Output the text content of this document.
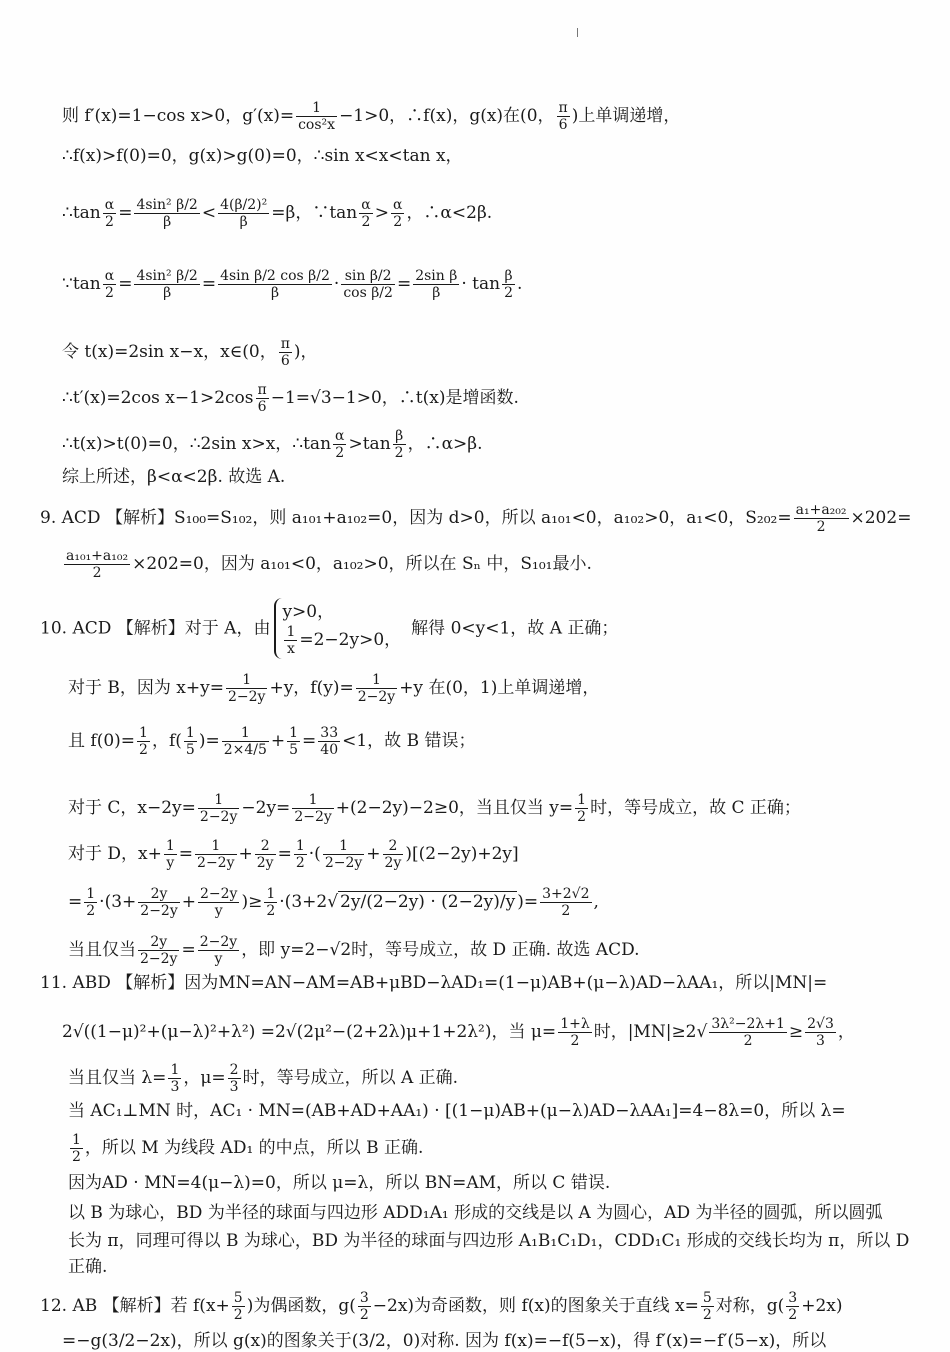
则 f′(x)=1−cos x>0，$g'(x)= \frac{1}{\text{cos²x}} -1>0$，∴f(x)，g(x)在(0， $\frac{\pi}{6}$ )上单调递增，
∴f(x)>f(0)=0，g(x)>g(0)=0，∴sin x<x<tan x，
∴tan $\frac{\alpha}{2} = \frac{\text{4sin² β/2}}{\beta} < \frac{\text{4(β/2)²}}{\beta} =\beta$，∵tan $\frac{\alpha}{2} > \frac{\alpha}{2}$ ，∴α<2β.
∵tan $\frac{\alpha}{2} = \frac{\text{4sin² β/2}}{\beta} = \frac{\text{4sin β/2 cos β/2}}{\beta} \cdot \frac{\text{sin β/2}}{\text{cos β/2}} = \frac{\text{2sin β}}{\beta} \cdot \tan \frac{\beta}{2}$ .
令 t(x)=2sin x−x，x∈(0， $\frac{\pi}{6}$ )，
∴t′(x)=2cos $x-1>2\cos \frac{\pi}{6} -1=√3-1>0$，∴t(x)是增函数.
∴t(x)>t(0)=0，∴2sin x>x，∴tan $\frac{\alpha}{2} >\tan \frac{\beta}{2}$ ，∴α>β.
综上所述，β<α<2β. 故选 A.
9. ACD 【解析】S₁₀₀=S₁₀₂，则 a₁₀₁+a₁₀₂=0，因为 d>0，所以 a₁₀₁<0，a₁₀₂>0，a₁<0，$S_{202}= \frac{\text{a₁+a₂₀₂}}{2} \times 202=$
$\frac{\text{a₁₀₁+a₁₀₂}}{2} \times 202=0$，因为 a₁₀₁<0，a₁₀₂>0，所以在 Sₙ 中，S₁₀₁最小.
10. ACD 【解析】对于 A，由
y>0，
$\frac{1}{x} =2-2y>0$，
解得 0<y<1，故 A 正确；
对于 B，因为 $x+y= \frac{1}{2-2y} +y$，$f(y)= \frac{1}{2-2y} +y$ 在(0，1)上单调递增，
且 $f(0)= \frac{1}{2}$ ，$f( \frac{1}{5}$ )= $\frac{1}{2\times 4/5} + \frac{1}{5} = \frac{33}{40} <1$，故 B 错误；
对于 C，$x-2y= \frac{1}{2-2y} -2y= \frac{1}{2-2y} +(2-2y)-2\ge 0$，当且仅当 $y= \frac{1}{2}$ 时，等号成立，故 C 正确；
对于 D，$x+ \frac{1}{y} = \frac{1}{2-2y} + \frac{2}{2y} = \frac{1}{2}$ ·( $\frac{1}{2-2y} + \frac{2}{2y} )[(2-2y)+2y]$
= $\frac{1}{2} \cdot(3+ \frac{2y}{2-2y} + \frac{2-2y}{y}$ )≥ $\frac{1}{2} \cdot(3+2√$ 2y/(2−2y) · (2−2y)/y )= $\frac{3+2√2}{2}$ ,
当且仅当 $\frac{2y}{2-2y} = \frac{2-2y}{y}$ ，即 y=2−√2时，等号成立，故 D 正确. 故选 ACD.
11. ABD 【解析】因为MN=AN−AM=AB+μBD−λAD₁=(1−μ)AB+(μ−λ)AD−λAA₁，所以|MN|=
2√((1−μ)²+(μ−λ)²+λ²) =2√(2μ²−(2+2λ)μ+1+2λ²)，当 $\mu= \frac{1+\lambda}{2}$ 时，$|MN|\ge 2√ \frac{\text{3λ²−2λ+1}}{2} \ge \frac{2√3}{3}$ ，
当且仅当 $\lambda= \frac{1}{3}$ ，$\mu= \frac{2}{3}$ 时，等号成立，所以 A 正确.
当 AC₁⊥MN 时，AC₁ · MN=(AB+AD+AA₁) · [(1−μ)AB+(μ−λ)AD−λAA₁]=4−8λ=0，所以 λ=
$\frac{1}{2}$ ，所以 M 为线段 AD₁ 的中点，所以 B 正确.
因为AD · MN=4(μ−λ)=0，所以 μ=λ，所以 BN=AM，所以 C 错误.
以 B 为球心，BD 为半径的球面与四边形 ADD₁A₁ 形成的交线是以 A 为圆心，AD 为半径的圆弧，所以圆弧
长为 π，同理可得以 B 为球心，BD 为半径的球面与四边形 A₁B₁C₁D₁，CDD₁C₁ 形成的交线长均为 π，所以 D
正确.
12. AB 【解析】若 $f(x+ \frac{5}{2}$ )为偶函数，$g( \frac{3}{2} -2x)$为奇函数，则 f(x)的图象关于直线 $x= \frac{5}{2}$ 对称，$g( \frac{3}{2} +2x)$
=−g(3/2−2x)，所以 g(x)的图象关于(3/2，0)对称. 因为 f(x)=−f(5−x)，得 f′(x)=−f′(5−x)，所以
